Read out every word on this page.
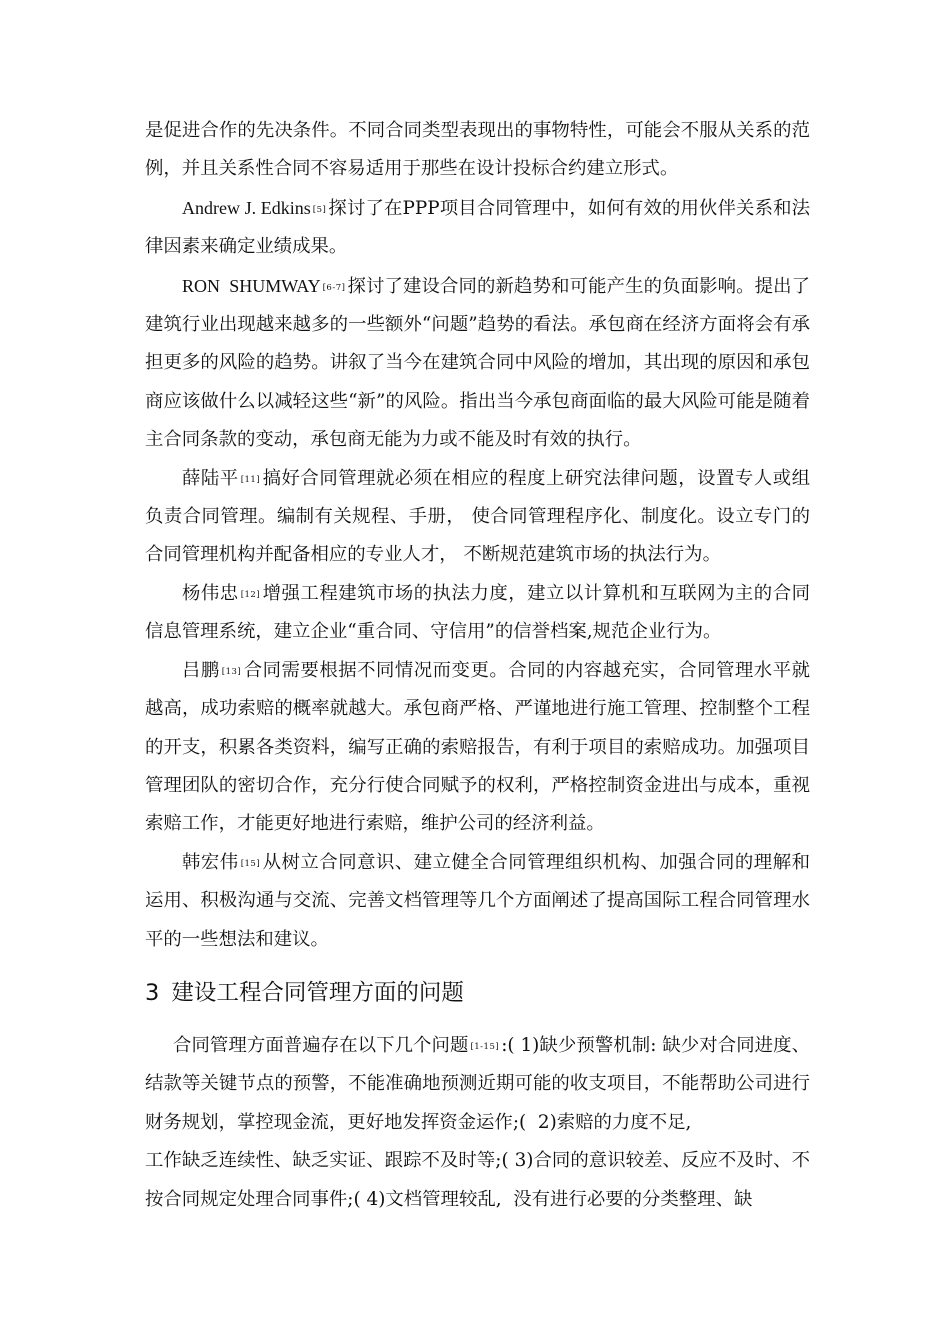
是促进合作的先决条件。不同合同类型表现出的事物特性，可能会不服从关系的范例，并且关系性合同不容易适用于那些在设计投标合约建立形式。

Andrew J. Edkins [5] 探讨了在PPP项目合同管理中，如何有效的用伙伴关系和法律因素来确定业绩成果。

RON  SHUMWAY [6-7] 探讨了建设合同的新趋势和可能产生的负面影响。提出了建筑行业出现越来越多的一些额外“问题”趋势的看法。承包商在经济方面将会有承担更多的风险的趋势。讲叙了当今在建筑合同中风险的增加，其出现的原因和承包商应该做什么以减轻这些“新”的风险。指出当今承包商面临的最大风险可能是随着主合同条款的变动，承包商无能为力或不能及时有效的执行。

薛陆平 [11] 搞好合同管理就必须在相应的程度上研究法律问题，设置专人或组负责合同管理。编制有关规程、手册， 使合同管理程序化、制度化。设立专门的合同管理机构并配备相应的专业人才， 不断规范建筑市场的执法行为。

杨伟忠 [12] 增强工程建筑市场的执法力度，建立以计算机和互联网为主的合同信息管理系统，建立企业“重合同、守信用”的信誉档案,规范企业行为。

吕鹏 [13] 合同需要根据不同情况而变更。合同的内容越充实，合同管理水平就越高，成功索赔的概率就越大。承包商严格、严谨地进行施工管理、控制整个工程的开支，积累各类资料，编写正确的索赔报告，有利于项目的索赔成功。加强项目管理团队的密切合作，充分行使合同赋予的权利，严格控制资金进出与成本，重视索赔工作，才能更好地进行索赔，维护公司的经济利益。

韩宏伟 [15] 从树立合同意识、建立健全合同管理组织机构、加强合同的理解和运用、积极沟通与交流、完善文档管理等几个方面阐述了提高国际工程合同管理水平的一些想法和建议。

3 建设工程合同管理方面的问题

合同管理方面普遍存在以下几个问题 [1-15] :( 1)缺少预警机制: 缺少对合同进度、结款等关键节点的预警，不能准确地预测近期可能的收支项目，不能帮助公司进行财务规划，掌控现金流，更好地发挥资金运作;(  2)索赔的力度不足,
工作缺乏连续性、缺乏实证、跟踪不及时等;( 3)合同的意识较差、反应不及时、不按合同规定处理合同事件;( 4)文档管理较乱,  没有进行必要的分类整理、缺
